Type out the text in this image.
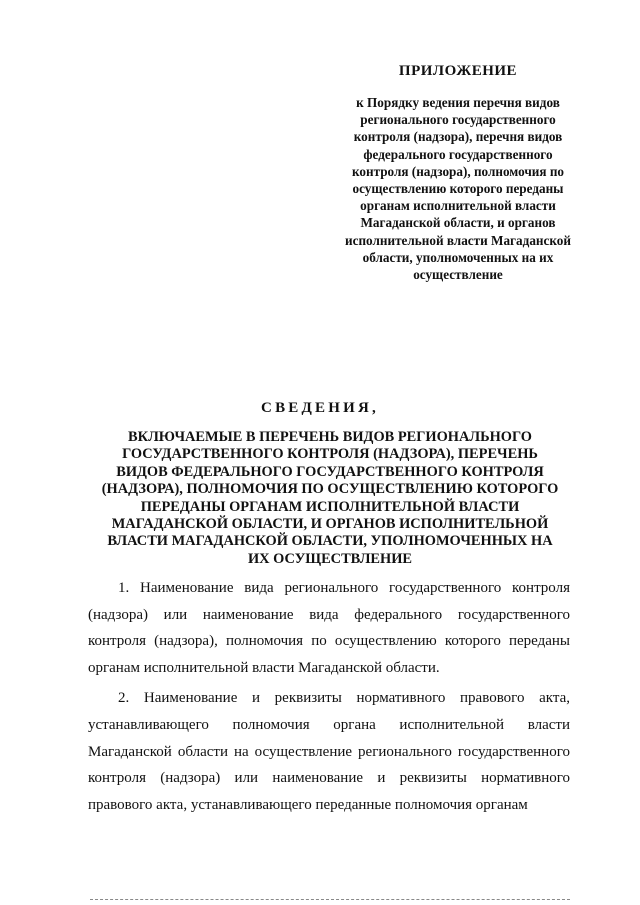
ПРИЛОЖЕНИЕ

к Порядку ведения перечня видов регионального государственного контроля (надзора), перечня видов федерального государственного контроля (надзора), полномочия по осуществлению которого переданы органам исполнительной власти Магаданской области, и органов исполнительной власти Магаданской области, уполномоченных на их осуществление

СВЕДЕНИЯ,
ВКЛЮЧАЕМЫЕ В ПЕРЕЧЕНЬ ВИДОВ РЕГИОНАЛЬНОГО ГОСУДАРСТВЕННОГО КОНТРОЛЯ (НАДЗОРА), ПЕРЕЧЕНЬ ВИДОВ ФЕДЕРАЛЬНОГО ГОСУДАРСТВЕННОГО КОНТРОЛЯ (НАДЗОРА), ПОЛНОМОЧИЯ ПО ОСУЩЕСТВЛЕНИЮ КОТОРОГО ПЕРЕДАНЫ ОРГАНАМ ИСПОЛНИТЕЛЬНОЙ ВЛАСТИ МАГАДАНСКОЙ ОБЛАСТИ, И ОРГАНОВ ИСПОЛНИТЕЛЬНОЙ ВЛАСТИ МАГАДАНСКОЙ ОБЛАСТИ, УПОЛНОМОЧЕННЫХ НА ИХ ОСУЩЕСТВЛЕНИЕ

1. Наименование вида регионального государственного контроля (надзора) или наименование вида федерального государственного контроля (надзора), полномочия по осуществлению которого переданы органам исполнительной власти Магаданской области.

2. Наименование и реквизиты нормативного правового акта, устанавливающего полномочия органа исполнительной власти Магаданской области на осуществление регионального государственного контроля (надзора) или наименование и реквизиты нормативного правового акта, устанавливающего переданные полномочия органам
